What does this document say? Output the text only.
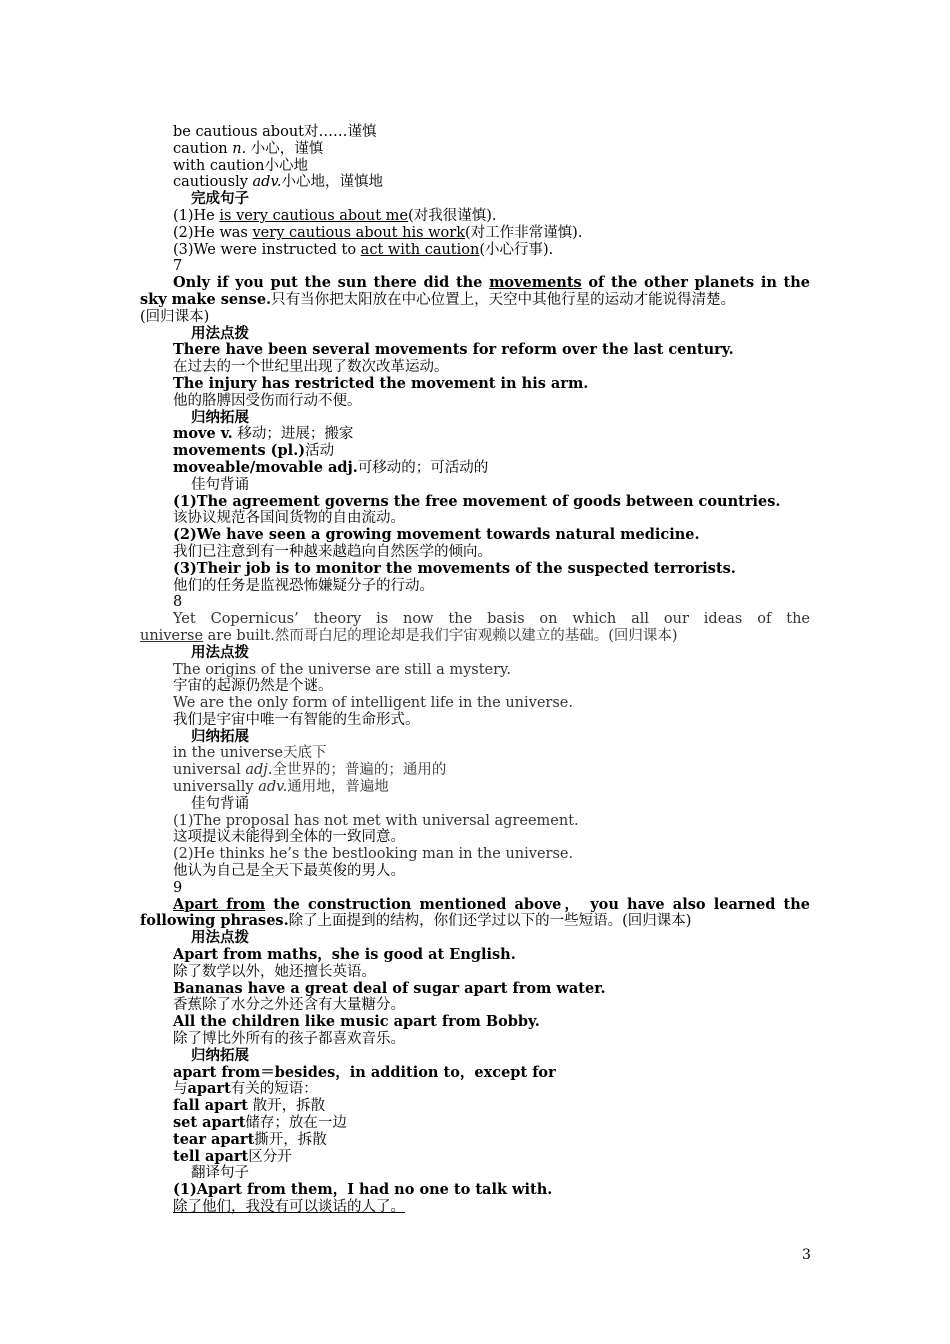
be cautious about对……谨慎
caution n. 小心，谨慎
with caution小心地
cautiously adv.小心地，谨慎地
完成句子
(1)He is very cautious about me(对我很谨慎).
(2)He was very cautious about his work(对工作非常谨慎).
(3)We were instructed to act with caution(小心行事).
7
Only if you put the sun there did the movements of the other planets in the
sky make sense.只有当你把太阳放在中心位置上，天空中其他行星的运动才能说得清楚。
(回归课本)
用法点拨
There have been several movements for reform over the last century.
在过去的一个世纪里出现了数次改革运动。
The injury has restricted the movement in his arm.
他的胳膊因受伤而行动不便。
归纳拓展
move v. 移动；进展；搬家
movements (pl.)活动
moveable/movable adj.可移动的；可活动的
佳句背诵
(1)The agreement governs the free movement of goods between countries.
该协议规范各国间货物的自由流动。
(2)We have seen a growing movement towards natural medicine.
我们已注意到有一种越来越趋向自然医学的倾向。
(3)Their job is to monitor the movements of the suspected terrorists.
他们的任务是监视恐怖嫌疑分子的行动。
8
Yet Copernicus’ theory is now the basis on which all our ideas of the
universe are built.然而哥白尼的理论却是我们宇宙观赖以建立的基础。(回归课本)
用法点拨
The origins of the universe are still a mystery.
宇宙的起源仍然是个谜。
We are the only form of intelligent life in the universe.
我们是宇宙中唯一有智能的生命形式。
归纳拓展
in the universe天底下
universal adj.全世界的；普遍的；通用的
universally adv.通用地，普遍地
佳句背诵
(1)The proposal has not met with universal agreement.
这项提议未能得到全体的一致同意。
(2)He thinks he’s the bestlooking man in the universe.
他认为自己是全天下最英俊的男人。
9
Apart from the construction mentioned above， you have also learned the
following phrases.除了上面提到的结构，你们还学过以下的一些短语。(回归课本)
用法点拨
Apart from maths，she is good at English.
除了数学以外，她还擅长英语。
Bananas have a great deal of sugar apart from water.
香蕉除了水分之外还含有大量糖分。
All the children like music apart from Bobby.
除了博比外所有的孩子都喜欢音乐。
归纳拓展
apart from＝besides，in addition to，except for
与apart有关的短语：
fall apart 散开，拆散
set apart储存；放在一边
tear apart撕开，拆散
tell apart区分开
翻译句子
(1)Apart from them，I had no one to talk with.
除了他们，我没有可以谈话的人了。
3
